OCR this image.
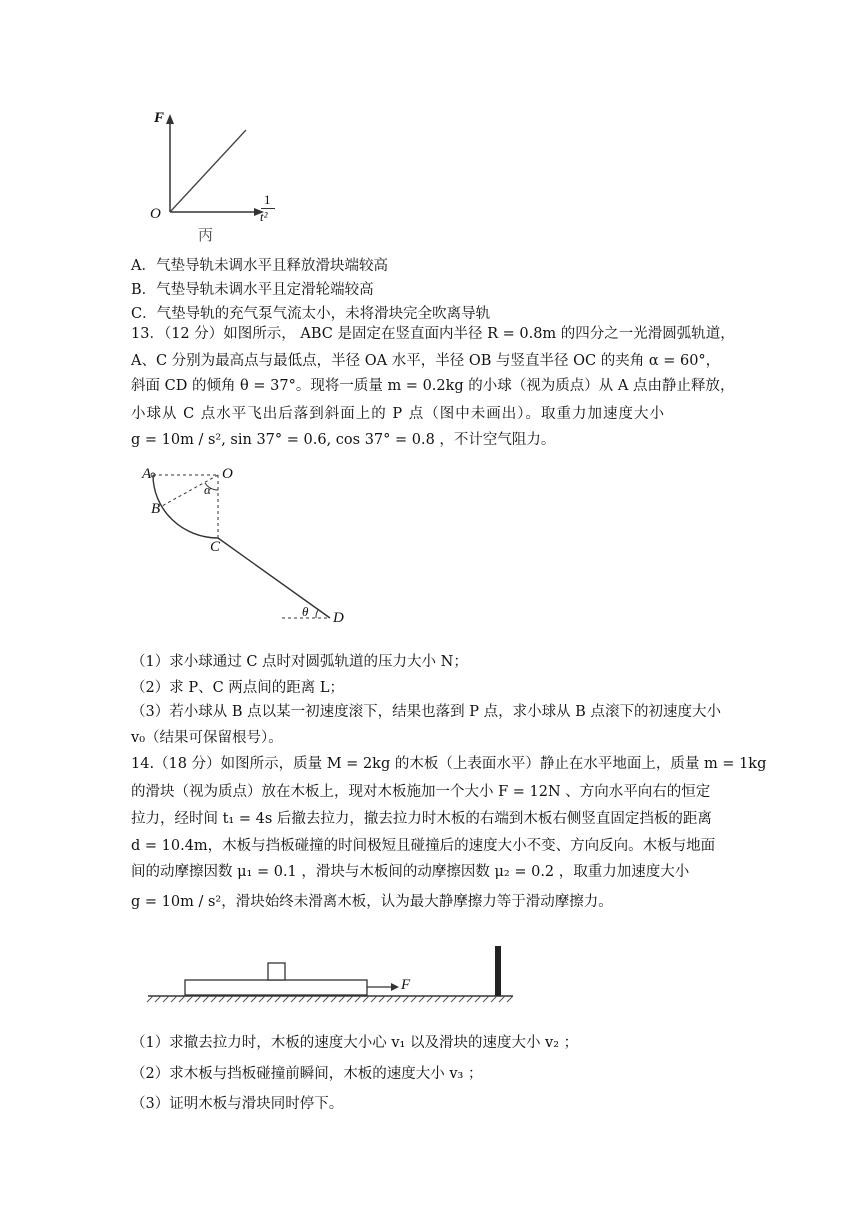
F
O
1
t²
丙
A．气垫导轨未调水平且释放滑块端较高
B．气垫导轨未调水平且定滑轮端较高
C．气垫导轨的充气泵气流太小，未将滑块完全吹离导轨
13．（12 分）如图所示， ABC 是固定在竖直面内半径 R = 0.8m 的四分之一光滑圆弧轨道，
A、C 分别为最高点与最低点，半径 OA 水平，半径 OB 与竖直半径 OC 的夹角 α = 60°，
斜面 CD 的倾角 θ = 37°。现将一质量 m = 0.2kg 的小球（视为质点）从 A 点由静止释放，
小球从 C 点水平飞出后落到斜面上的 P 点（图中未画出）。取重力加速度大小
g = 10m / s², sin 37° = 0.6, cos 37° = 0.8 ，不计空气阻力。
A	O
α
B
C
θ D
（1）求小球通过 C 点时对圆弧轨道的压力大小 N；
（2）求 P、C 两点间的距离 L；
（3）若小球从 B 点以某一初速度滚下，结果也落到 P 点，求小球从 B 点滚下的初速度大小
v₀（结果可保留根号）。
14.（18 分）如图所示，质量 M = 2kg 的木板（上表面水平）静止在水平地面上，质量 m = 1kg
的滑块（视为质点）放在木板上，现对木板施加一个大小 F = 12N 、方向水平向右的恒定
拉力，经时间 t₁ = 4s 后撤去拉力，撤去拉力时木板的右端到木板右侧竖直固定挡板的距离
d = 10.4m，木板与挡板碰撞的时间极短且碰撞后的速度大小不变、方向反向。木板与地面
间的动摩擦因数 μ₁ = 0.1 ，滑块与木板间的动摩擦因数 μ₂ = 0.2 ，取重力加速度大小
g = 10m / s²，滑块始终未滑离木板，认为最大静摩擦力等于滑动摩擦力。
F
（1）求撤去拉力时，木板的速度大小心 v₁ 以及滑块的速度大小 v₂ ；
（2）求木板与挡板碰撞前瞬间，木板的速度大小 v₃ ；
（3）证明木板与滑块同时停下。
